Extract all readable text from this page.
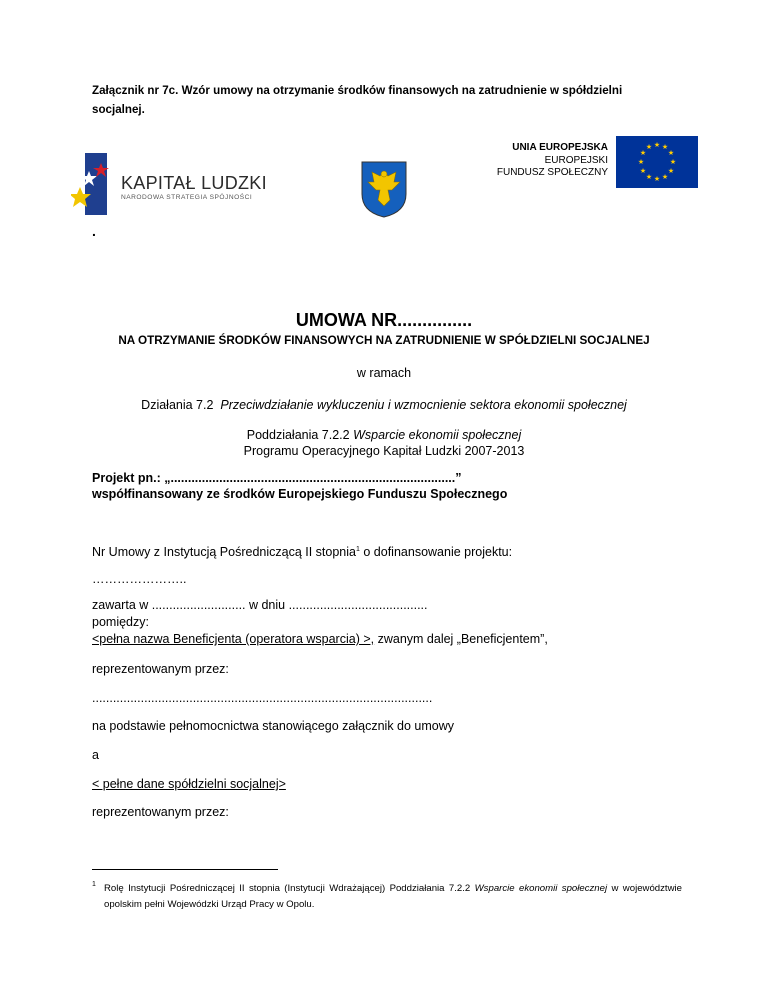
Załącznik nr 7c. Wzór umowy na otrzymanie środków finansowych na zatrudnienie w spółdzielni
socjalnej.
KAPITAŁ LUDZKI
NARODOWA STRATEGIA SPÓJNOŚCI
UNIA EUROPEJSKA
EUROPEJSKI
FUNDUSZ SPOŁECZNY
★ ★
★
★
★
★
★
★
★
★
★
★
.
UMOWA NR...............
NA OTRZYMANIE ŚRODKÓW FINANSOWYCH NA ZATRUDNIENIE W SPÓŁDZIELNI SOCJALNEJ
w ramach
Działania 7.2 Przeciwdziałanie wykluczeniu i wzmocnienie sektora ekonomii społecznej
Poddziałania 7.2.2 Wsparcie ekonomii społecznej
Programu Operacyjnego Kapitał Ludzki 2007-2013
Projekt pn.: „..................................................................................”
współfinansowany ze środków Europejskiego Funduszu Społecznego
Nr Umowy z Instytucją Pośredniczącą II stopnia$^1$ o dofinansowanie projektu:
…………………..
zawarta w ........................... w dniu ........................................
pomiędzy:
<pełna nazwa Beneficjenta (operatora wsparcia) >, zwanym dalej „Beneficjentem”,
reprezentowanym przez:
..................................................................................................
na podstawie pełnomocnictwa stanowiącego załącznik do umowy
a
< pełne dane spółdzielni socjalnej>
reprezentowanym przez:
1 Rolę Instytucji Pośredniczącej II stopnia (Instytucji Wdrażającej) Poddziałania 7.2.2 Wsparcie ekonomii społecznej w województwie opolskim pełni Wojewódzki Urząd Pracy w Opolu.
